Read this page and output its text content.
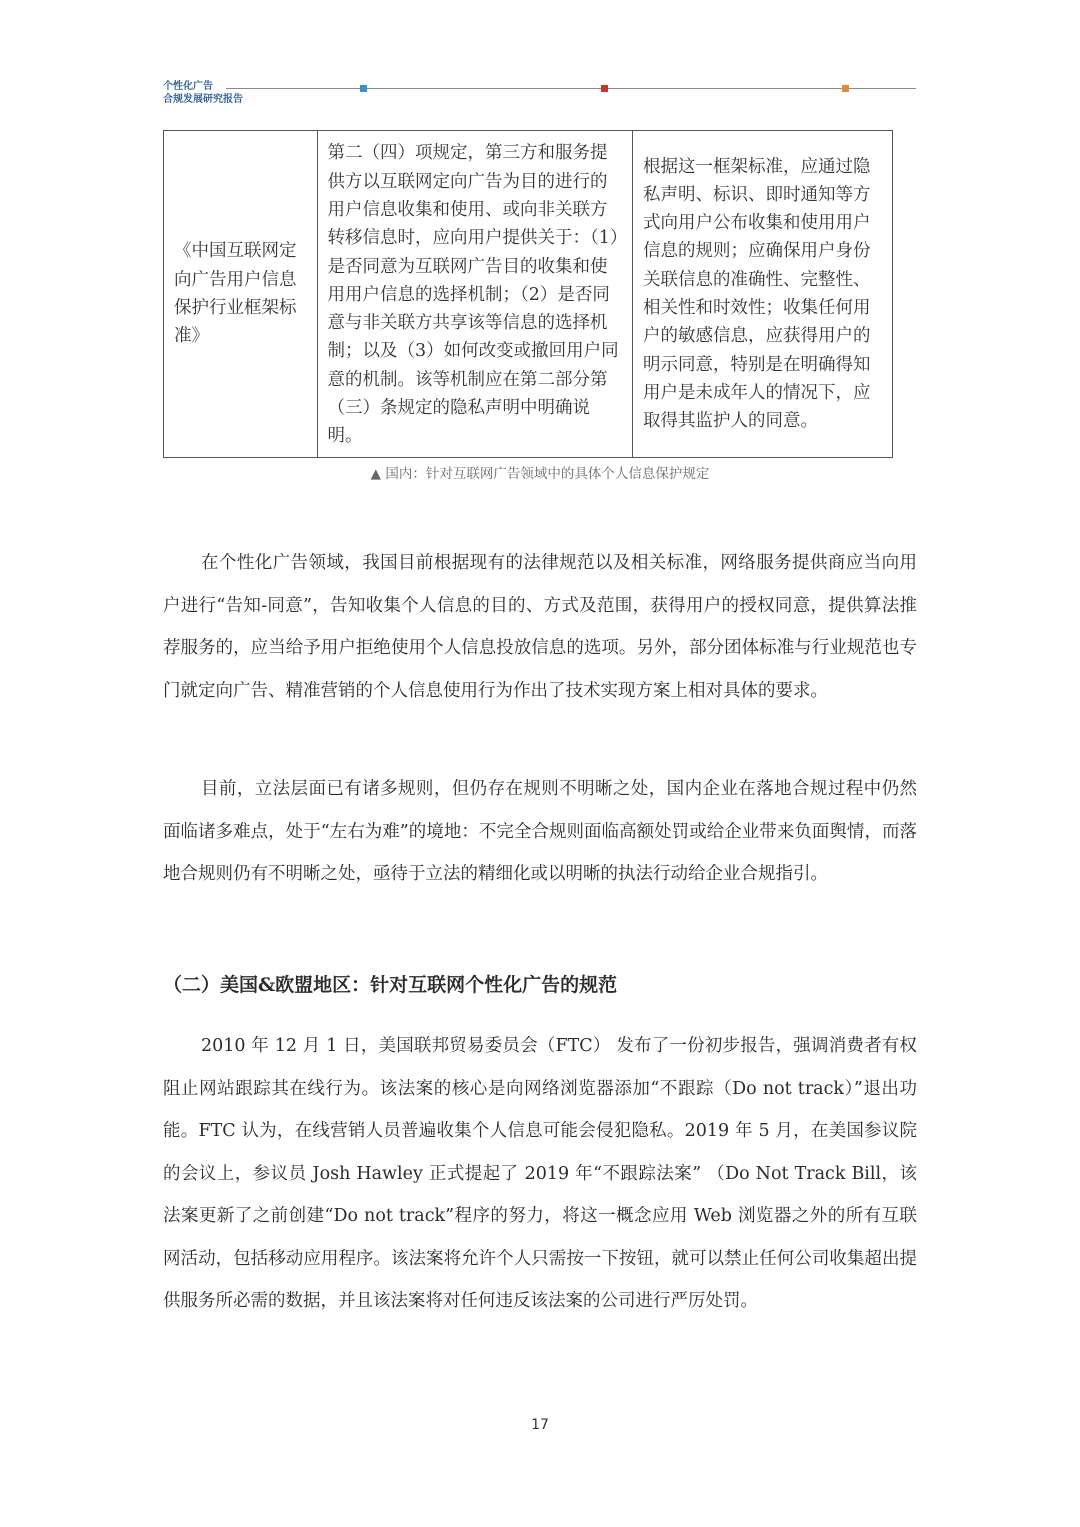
个性化广告
合规发展研究报告
《中国互联网定向广告用户信息保护行业框架标准》	第二（四）项规定，第三方和服务提供方以互联网定向广告为目的进行的用户信息收集和使用、或向非关联方转移信息时，应向用户提供关于：（1）是否同意为互联网广告目的收集和使用用户信息的选择机制；（2）是否同意与非关联方共享该等信息的选择机制；以及（3）如何改变或撤回用户同意的机制。该等机制应在第二部分第（三）条规定的隐私声明中明确说明。	根据这一框架标准，应通过隐私声明、标识、即时通知等方式向用户公布收集和使用用户信息的规则；应确保用户身份关联信息的准确性、完整性、相关性和时效性；收集任何用户的敏感信息，应获得用户的明示同意，特别是在明确得知用户是未成年人的情况下，应取得其监护人的同意。
▲ 国内：针对互联网广告领域中的具体个人信息保护规定

在个性化广告领域，我国目前根据现有的法律规范以及相关标准，网络服务提供商应当向用户进行“告知-同意”，告知收集个人信息的目的、方式及范围，获得用户的授权同意，提供算法推荐服务的，应当给予用户拒绝使用个人信息投放信息的选项。另外，部分团体标准与行业规范也专门就定向广告、精准营销的个人信息使用行为作出了技术实现方案上相对具体的要求。

目前，立法层面已有诸多规则，但仍存在规则不明晰之处，国内企业在落地合规过程中仍然面临诸多难点，处于“左右为难”的境地：不完全合规则面临高额处罚或给企业带来负面舆情，而落地合规则仍有不明晰之处，亟待于立法的精细化或以明晰的执法行动给企业合规指引。

（二）美国&欧盟地区：针对互联网个性化广告的规范

2010 年 12 月 1 日，美国联邦贸易委员会（FTC） 发布了一份初步报告，强调消费者有权阻止网站跟踪其在线行为。该法案的核心是向网络浏览器添加“不跟踪（Do not track）”退出功能。FTC 认为，在线营销人员普遍收集个人信息可能会侵犯隐私。2019 年 5 月，在美国参议院的会议上，参议员 Josh Hawley 正式提起了 2019 年“不跟踪法案” （Do Not Track Bill，该法案更新了之前创建“Do not track”程序的努力，将这一概念应用 Web 浏览器之外的所有互联网活动，包括移动应用程序。该法案将允许个人只需按一下按钮，就可以禁止任何公司收集超出提供服务所必需的数据，并且该法案将对任何违反该法案的公司进行严厉处罚。

17
